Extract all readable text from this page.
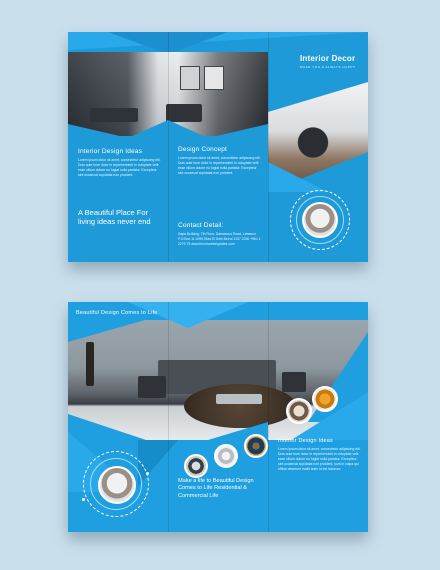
Interior Design Ideas
Lorem ipsum dolor sit amet, consectetur adipiscing elit. Duis aute irure dolor in reprehenderit in voluptate velit esse cillum dolore eu fugiat nulla pariatur. Excepteur sint occaecat cupidatat non proident.
A Beautiful Place For living ideas never end
Design Concept
Lorem ipsum dolor sit amet, consectetur adipiscing elit. Duis aute irure dolor in reprehenderit in voluptate velit esse cillum dolore eu fugiat nulla pariatur. Excepteur sint occaecat cupidatat non proident.
Contact Detail:
Sapa Building, 7th Floor, Damascus Road, Lebanon P.O.Box 11 4099 Riad El Solh Beirut 1107 2230 +961 1 2279 75 www.brochuretemplates.com
Interior Decor
MAKE YOU A ALWAYS HAPPY
Beautiful Design Comes to Life
Make a life to Beautiful Design Comes to Life Residential & Commercial Life
Interior Design Ideas
Lorem ipsum dolor sit amet, consectetur adipiscing elit. Duis aute irure dolor in reprehenderit in voluptate velit esse cillum dolore eu fugiat nulla pariatur. Excepteur sint occaecat cupidatat non proident, sunt in culpa qui officia deserunt mollit anim id est laborum.
